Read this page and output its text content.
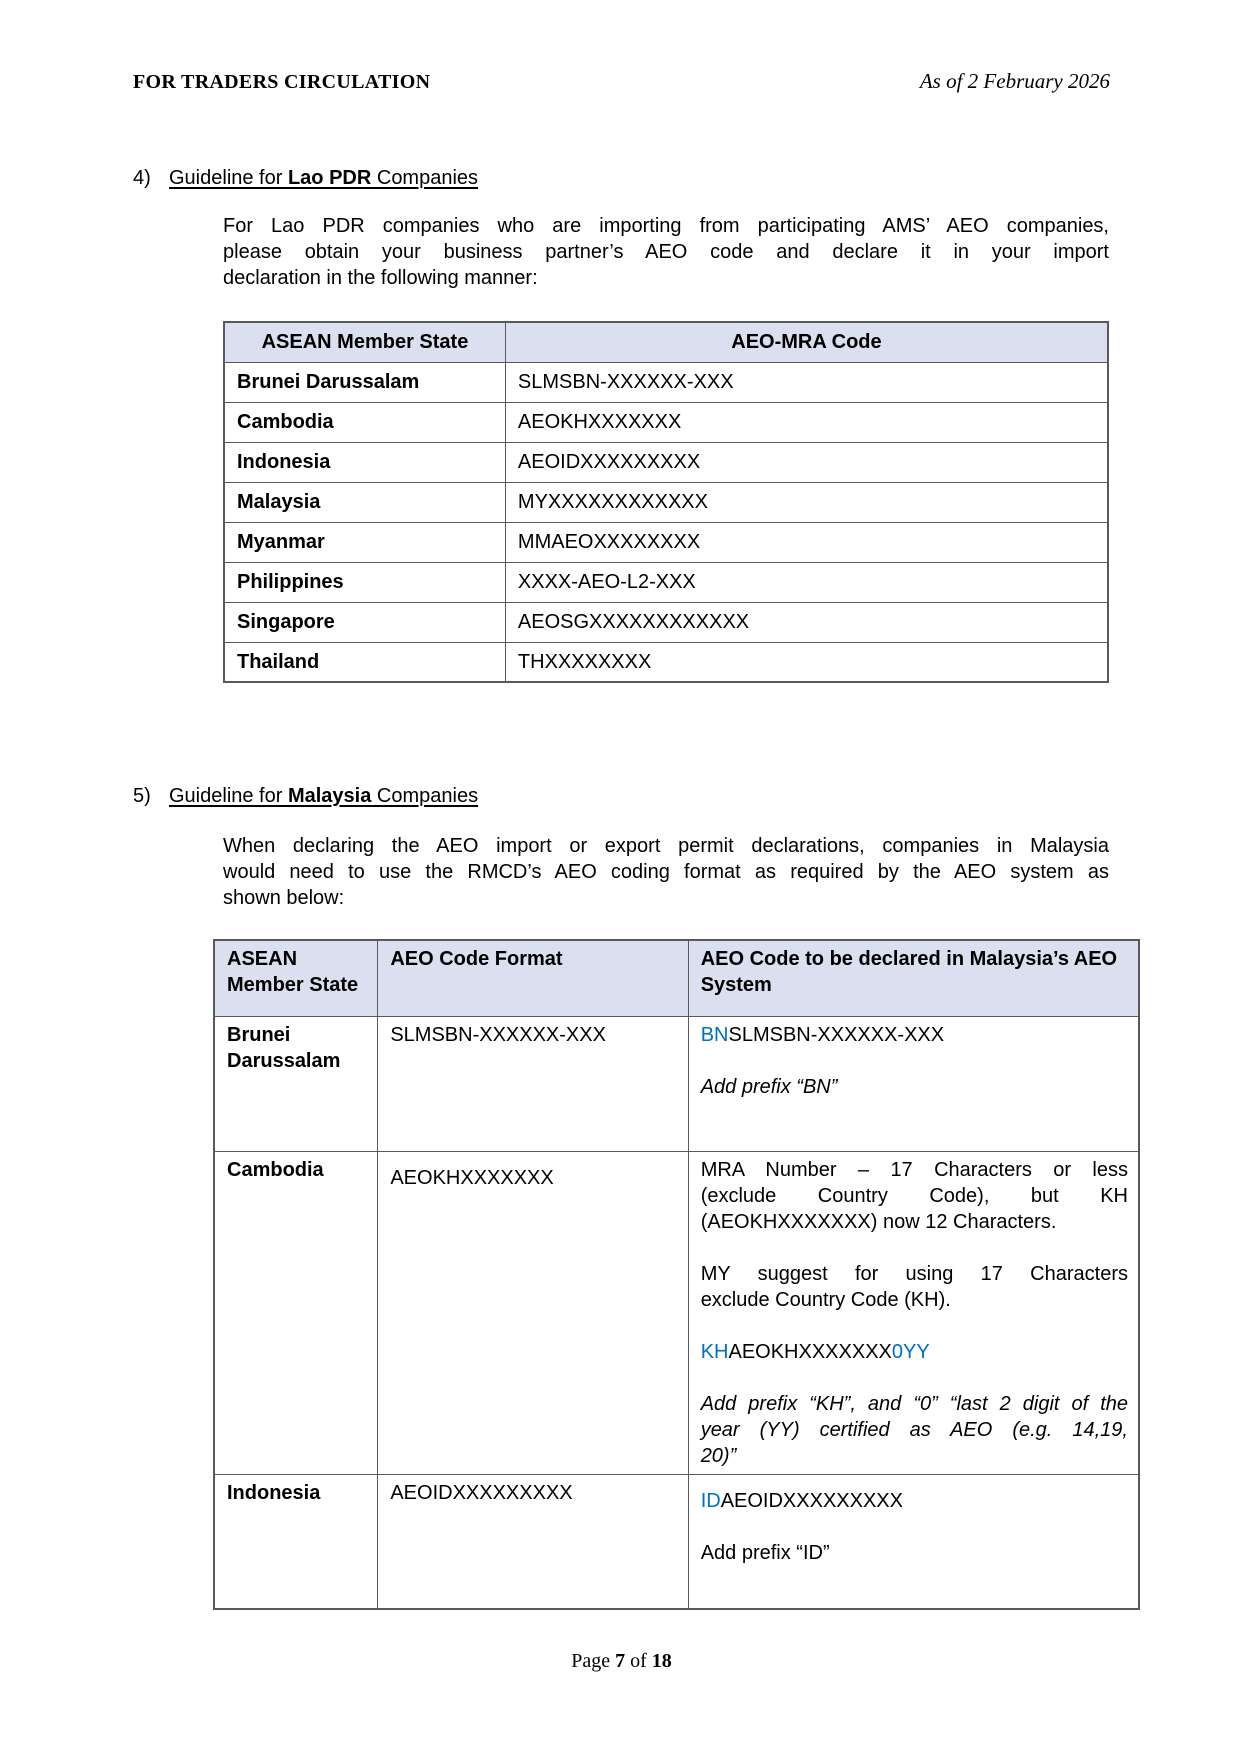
FOR TRADERS CIRCULATION	As of 2 February 2026
4) Guideline for Lao PDR Companies
For Lao PDR companies who are importing from participating AMS’ AEO companies,
please obtain your business partner’s AEO code and declare it in your import
declaration in the following manner:
ASEAN Member State	AEO-MRA Code
Brunei Darussalam	SLMSBN-XXXXXX-XXX
Cambodia	AEOKHXXXXXXX
Indonesia	AEOIDXXXXXXXXX
Malaysia	MYXXXXXXXXXXXX
Myanmar	MMAEOXXXXXXXX
Philippines	XXXX-AEO-L2-XXX
Singapore	AEOSGXXXXXXXXXXXX
Thailand	THXXXXXXXX
5) Guideline for Malaysia Companies
When declaring the AEO import or export permit declarations, companies in Malaysia
would need to use the RMCD’s AEO coding format as required by the AEO system as
shown below:
ASEAN Member State	AEO Code Format	AEO Code to be declared in Malaysia’s AEO System
Brunei Darussalam	SLMSBN-XXXXXX-XXX	BNSLMSBN-XXXXXX-XXX
Add prefix “BN”

Cambodia	AEOKHXXXXXXX	MRA Number – 17 Characters or less
(exclude Country Code), but KH
(AEOKHXXXXXXX) now 12 Characters.
MY suggest for using 17 Characters
exclude Country Code (KH).
KHAEOKHXXXXXXX0YY
Add prefix “KH”, and “0” “last 2 digit of the
year (YY) certified as AEO (e.g. 14,19,
20)”

Indonesia	AEOIDXXXXXXXXX	IDAEOIDXXXXXXXXX
Add prefix “ID”
Page 7 of 18
